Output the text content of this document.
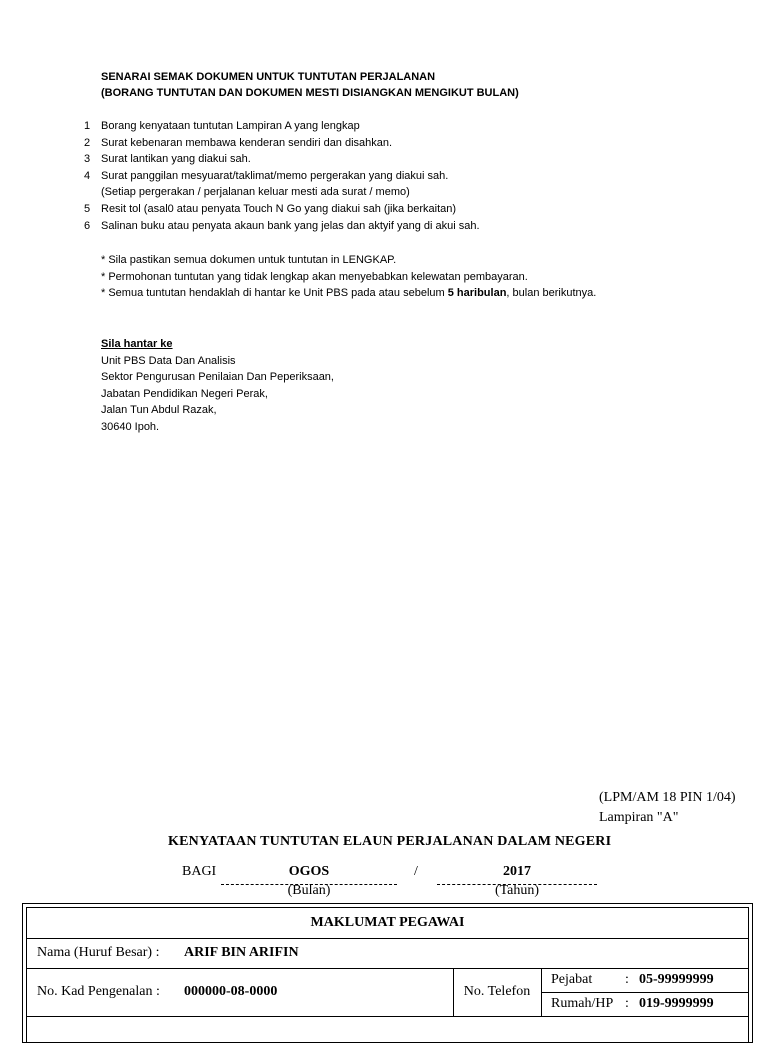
SENARAI SEMAK DOKUMEN UNTUK TUNTUTAN PERJALANAN
(BORANG TUNTUTAN DAN DOKUMEN MESTI DISIANGKAN MENGIKUT BULAN)
1 Borang kenyataan tuntutan Lampiran A yang lengkap
2 Surat kebenaran membawa kenderan sendiri dan disahkan.
3 Surat lantikan yang diakui sah.
4 Surat panggilan mesyuarat/taklimat/memo pergerakan yang diakui sah.
(Setiap pergerakan / perjalanan keluar mesti ada surat / memo)
5 Resit tol (asal0 atau penyata Touch N Go yang diakui sah (jika berkaitan)
6 Salinan buku atau penyata akaun bank yang jelas dan aktyif yang di akui sah.
* Sila pastikan semua dokumen untuk tuntutan in LENGKAP.
* Permohonan tuntutan yang tidak lengkap akan menyebabkan kelewatan pembayaran.
* Semua tuntutan hendaklah di hantar ke Unit PBS pada atau sebelum 5 haribulan, bulan berikutnya.
Sila hantar ke
Unit PBS Data Dan Analisis
Sektor Pengurusan Penilaian Dan Peperiksaan,
Jabatan Pendidikan Negeri Perak,
Jalan Tun Abdul Razak,
30640 Ipoh.
(LPM/AM 18 PIN 1/04)
Lampiran "A"
KENYATAAN TUNTUTAN ELAUN PERJALANAN DALAM NEGERI
BAGI	OGOS	/	2017
(Bulan)	(Tahun)
MAKLUMAT PEGAWAI
Nama (Huruf Besar) : ARIF BIN ARIFIN
No. Kad Pengenalan : 000000-08-0000	No. Telefon
Pejabat : 05-99999999
Rumah/HP : 019-9999999
